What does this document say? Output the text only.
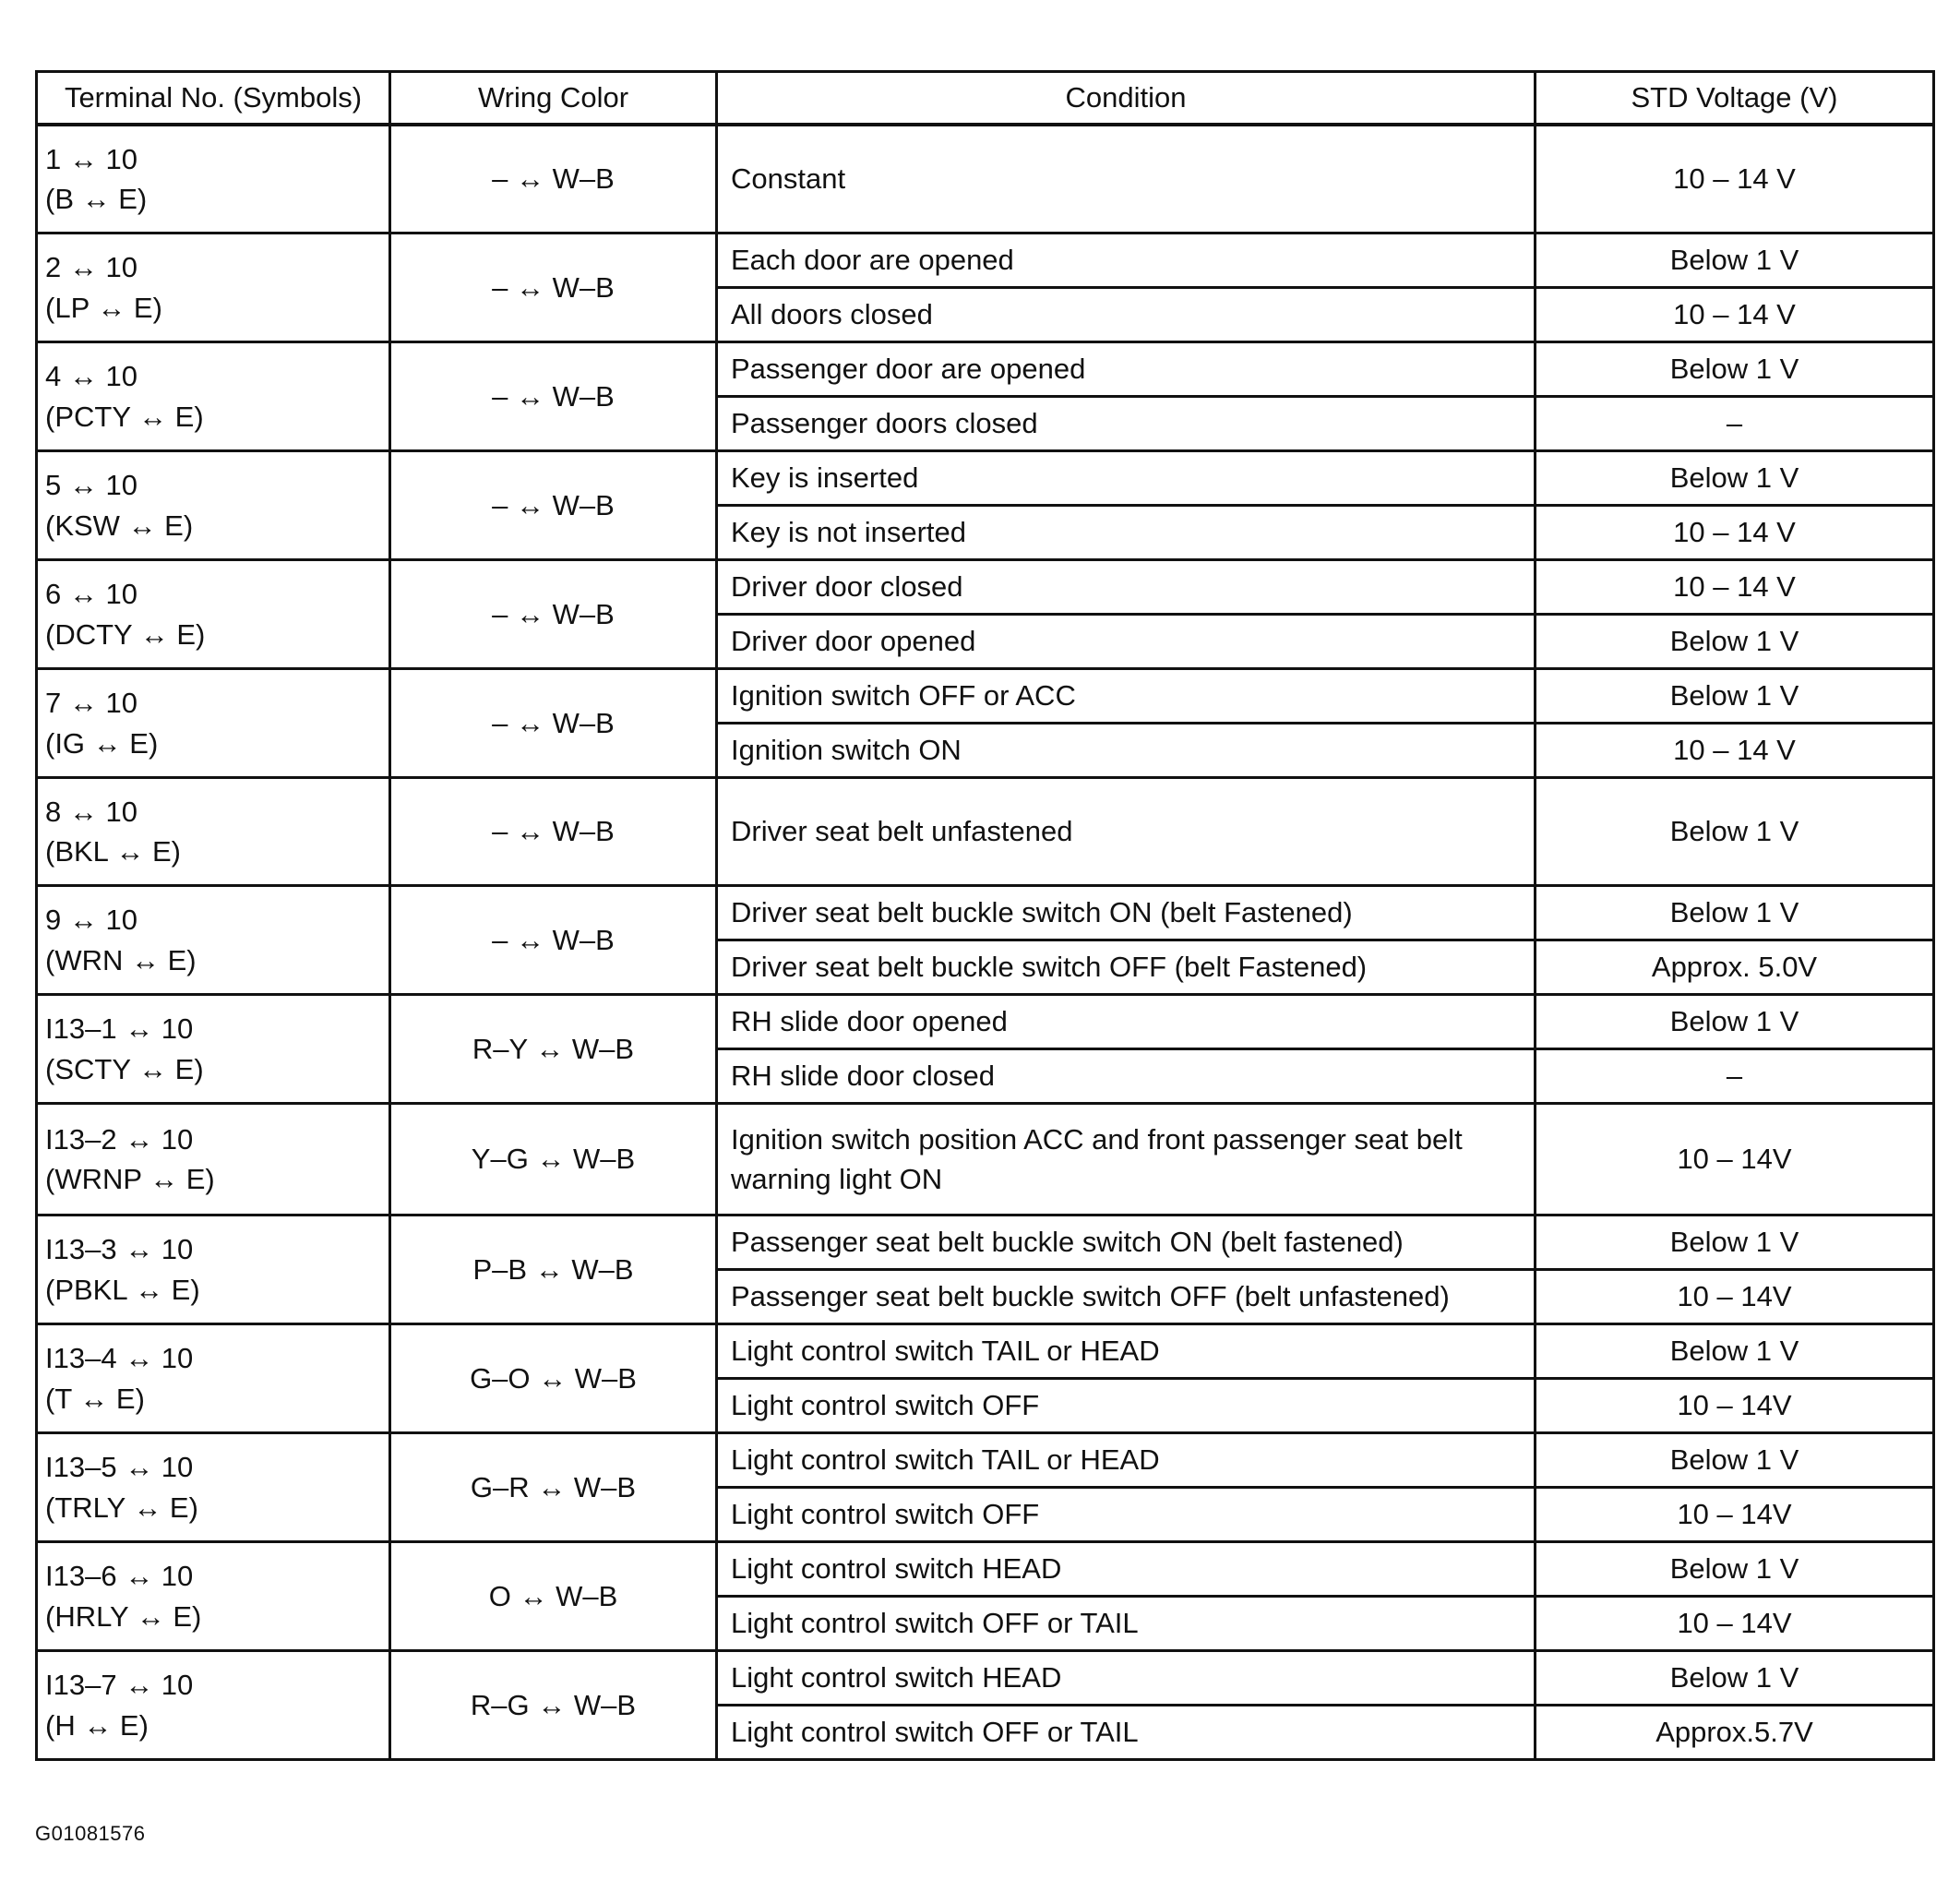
Terminal No. (Symbols)	Wring Color	Condition	STD Voltage (V)

1 ↔ 10
(B ↔ E)	– ↔ W–B	Constant	10 – 14 V

2 ↔ 10
(LP ↔ E)	– ↔ W–B	Each door are opened	Below 1 V
		All doors closed	10 – 14 V

4 ↔ 10
(PCTY ↔ E)	– ↔ W–B	Passenger door are opened	Below 1 V
		Passenger doors closed	–

5 ↔ 10
(KSW ↔ E)	– ↔ W–B	Key is inserted	Below 1 V
		Key is not inserted	10 – 14 V

6 ↔ 10
(DCTY ↔ E)	– ↔ W–B	Driver door closed	10 – 14 V
		Driver door opened	Below 1 V

7 ↔ 10
(IG ↔ E)	– ↔ W–B	Ignition switch OFF or ACC	Below 1 V
		Ignition switch ON	10 – 14 V

8 ↔ 10
(BKL ↔ E)	– ↔ W–B	Driver seat belt unfastened	Below 1 V

9 ↔ 10
(WRN ↔ E)	– ↔ W–B	Driver seat belt buckle switch ON (belt Fastened)	Below 1 V
		Driver seat belt buckle switch OFF (belt Fastened)	Approx. 5.0V

I13–1 ↔ 10
(SCTY ↔ E)	R–Y ↔ W–B	RH slide door opened	Below 1 V
		RH slide door closed	–

I13–2 ↔ 10
(WRNP ↔ E)	Y–G ↔ W–B	Ignition switch position ACC and front passenger seat belt warning light ON	10 – 14V

I13–3 ↔ 10
(PBKL ↔ E)	P–B ↔ W–B	Passenger seat belt buckle switch ON (belt fastened)	Below 1 V
		Passenger seat belt buckle switch OFF (belt unfastened)	10 – 14V

I13–4 ↔ 10
(T ↔ E)	G–O ↔ W–B	Light control switch TAIL or HEAD	Below 1 V
		Light control switch OFF	10 – 14V

I13–5 ↔ 10
(TRLY ↔ E)	G–R ↔ W–B	Light control switch TAIL or HEAD	Below 1 V
		Light control switch OFF	10 – 14V

I13–6 ↔ 10
(HRLY ↔ E)	O ↔ W–B	Light control switch HEAD	Below 1 V
		Light control switch OFF or TAIL	10 – 14V

I13–7 ↔ 10
(H ↔ E)	R–G ↔ W–B	Light control switch HEAD	Below 1 V
		Light control switch OFF or TAIL	Approx.5.7V
G01081576
